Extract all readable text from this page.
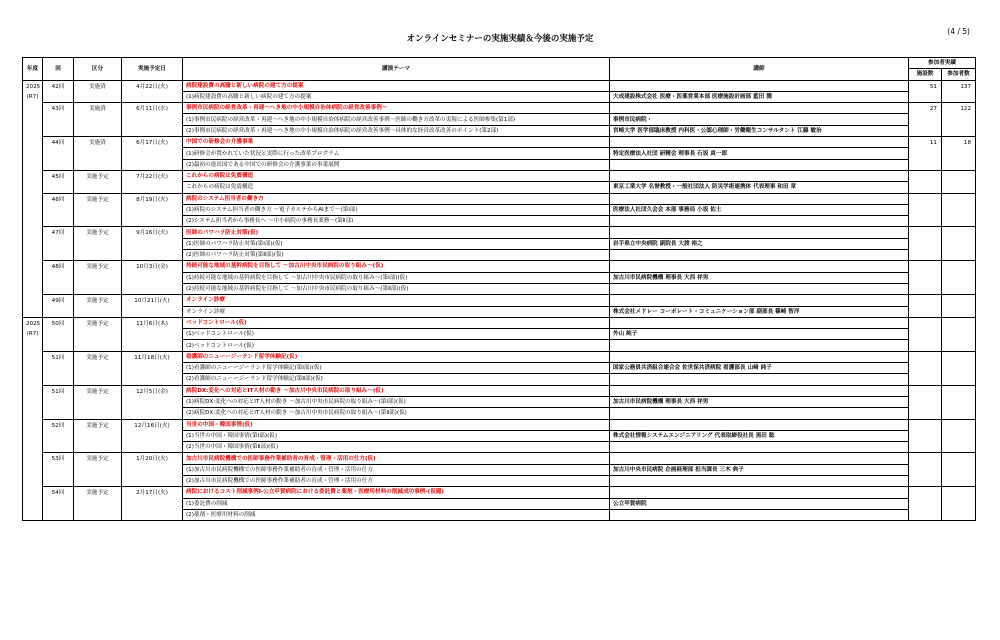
オンラインセミナーの実施実績＆今後の実施予定
(4 / 5)
年度	回	区分	実施予定日	講演テーマ	講師	参加者実績	
						施設数	参加者数

2025
(R7)	42回	実施済	4月22日(火)	病院建設費の高騰と新しい病院の建て方の提案		51	137
				(1)病院建設費の高騰と新しい病院の建て方の提案	大成建設株式会社 医療・医薬営業本部 医療施設計画部 藍田 潤		
	43回	実施済	6月11日(水)	事例市民病院の経営改革・再建～へき地の中小規模自治体病院の経営改善事例～		27	122
				(1)事例市民病院の経営改革・再建～へき地の中小規模自治体病院の経営改善事例～医師の働き方改革の実現による医師参集(第1部)	事例市民病院・		
				(2)事例市民病院の経営改革・再建～へき地の中小規模自治体病院の経営改善事例～具体的な経営改革改善のポイント(第2部)	宮崎大学 医学部臨床教授 内科医・公認心理師・労働衛生コンサルタント 江藤 敏治		
	44回	実施済	6月17日(火)	中国での研修会の介護事業		11	18
				(1)研修会が置かれていた状況と実際に行った改革プログラム	特定医療法人社団 研精会 理事長 石坂 真一郎		
				(2)最初の進出国である中国での研修会の介護事業の事業展開			
	45回	実施予定	7月22日(火)	これからの病院は免震構造			
				これからの病院は免震構造	東京工業大学 名誉教授・一般社団法人 防災学術連携体 代表理事 和田 章		
	46回	実施予定	8月19日(火)	病院のシステム担当者の働き方			
				(1)病院のシステム担当者の働き方 ～電子カルテからAIまで～(第Ⅰ部)	医療法人社団久会会 本部 事務局 小坂 佑士		
				(2)システム担当者から事務長へ ～中小病院の事務長業務～(第Ⅱ部)			
	47回	実施予定	9月16日(火)	医師のパワハラ防止対策(仮)			
				(1)医師のパワハラ防止対策(第Ⅰ部)(仮)	岩手県立中央病院 副院長 大渡 裕之		
				(2)医師のパワハラ防止対策(第Ⅱ部)(仮)			
	48回	実施予定	10月3日(金)	持続可能な地域の基幹病院を目指して ～加古川中央市民病院の取り組み～(仮)			
				(1)持続可能な地域の基幹病院を目指して ～加古川中央市民病院の取り組み～(第Ⅰ部)(仮)	加古川市民病院機構 理事長 大西 祥男		
				(2)持続可能な地域の基幹病院を目指して ～加古川中央市民病院の取り組み～(第Ⅱ部)(仮)			
	49回	実施予定	10月21日(火)	オンライン診療			
				オンライン診療	株式会社メドレー コーポレート・コミュニケーション部 副部長 篠崎 智洋		

2025
(R7)	50回	実施予定	11月6日(木)	ベッドコントロール(仮)			
				(1)ベッドコントロール(仮)	外山 純子		
				(2)ベッドコントロール(仮)			
	51回	実施予定	11月18日(火)	看護師のニューージーランド留学体験記(仮)			
				(1)看護師のニューージーランド留学体験記(第Ⅰ部)(仮)	国家公務員共済組合連合会 佐世保共済病院 看護部長 山﨑 純子		
				(2)看護師のニューージーランド留学体験記(第Ⅱ部)(仮)			
	51回	実施予定	12月5日(金)	病院DX:変化への対応とIT人材の動き ～加古川中央市民病院の取り組み～(仮)			
				(1)病院DX:変化への対応とIT人材の動き ～加古川中央市民病院の取り組み～(第Ⅰ部)(仮)	加古川市民病院機構 理事長 大西 祥男		
				(2)病院DX:変化への対応とIT人材の動き ～加古川中央市民病院の取り組み～(第Ⅱ部)(仮)			
	52回	実施予定	12月16日(火)	当世の中国・韓国事情(仮)			
				(1)当世の中国・韓国事情(第Ⅰ部)(仮)	株式会社情報システムエンジニアリング 代表取締役社長 黒田 聡		
				(2)当世の中国・韓国事情(第Ⅱ部)(仮)			
	53回	実施予定	1月20日(火)	加古川市民病院機構での医師事務作業補助者の育成・管理・活用の仕方(仮)			
				(1)加古川市民病院機構での医師事務作業補助者の育成・管理・活用の仕方	加古川中央市民病院 企画経理部 担当課長 三木 典子		
				(2)加古川市民病院機構での医師事務作業補助者の育成・管理・活用の仕方			
	54回	実施予定	2月17日(火)	病院におけるコスト削減事例Ⅰ-公立甲賀病院における委託費と薬剤・医療用材料の削減成功事例-(仮題)			
				(1)委託費の削減	公立甲賀病院		
				(2)薬剤・医療用材料の削減			
